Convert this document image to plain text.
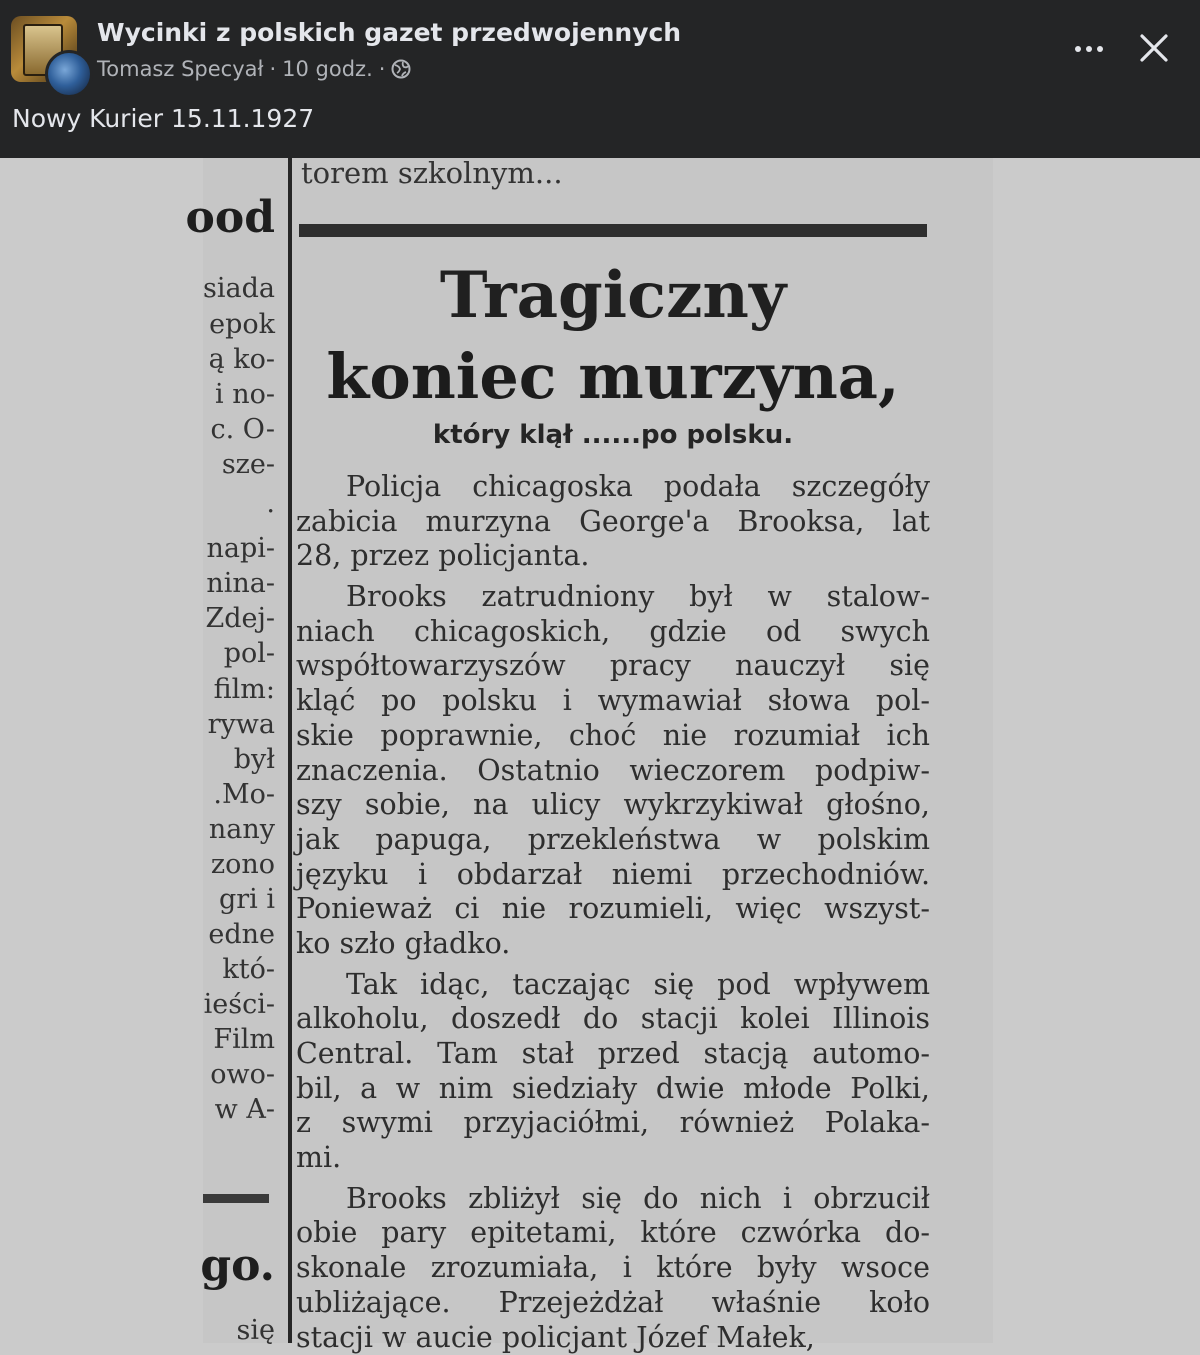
Wycinki z polskich gazet przedwojennych
Tomasz Specyał · 10 godz. ·
Nowy Kurier 15.11.1927
ood
siada
epok
ą ko-
i no-
c. O-
sze-
.
napi-
nina-
Zdej-
pol-
film:
rywa
był
.Mo-
nany
zono
gri i
edne
któ-
ieści-
Film
owo-
w A-
go.
się
torem szkolnym...
Tragiczny
koniec murzyna,
który klął ......po polsku.
Policja chicagoska podała szczegóły
zabicia murzyna George'a Brooksa, lat
28, przez policjanta.
Brooks zatrudniony był w stalow-
niach chicagoskich, gdzie od swych
współtowarzyszów pracy nauczył się
kląć po polsku i wymawiał słowa pol-
skie poprawnie, choć nie rozumiał ich
znaczenia. Ostatnio wieczorem podpiw-
szy sobie, na ulicy wykrzykiwał głośno,
jak papuga, przekleństwa w polskim
języku i obdarzał niemi przechodniów.
Ponieważ ci nie rozumieli, więc wszyst-
ko szło gładko.
Tak idąc, taczając się pod wpływem
alkoholu, doszedł do stacji kolei Illinois
Central. Tam stał przed stacją automo-
bil, a w nim siedziały dwie młode Polki,
z swymi przyjaciółmi, również Polaka-
mi.
Brooks zbliżył się do nich i obrzucił
obie pary epitetami, które czwórka do-
skonale zrozumiała, i które były wsoce
ubliżające. Przejeżdżał właśnie koło
stacji w aucie policjant Józef Małek,
